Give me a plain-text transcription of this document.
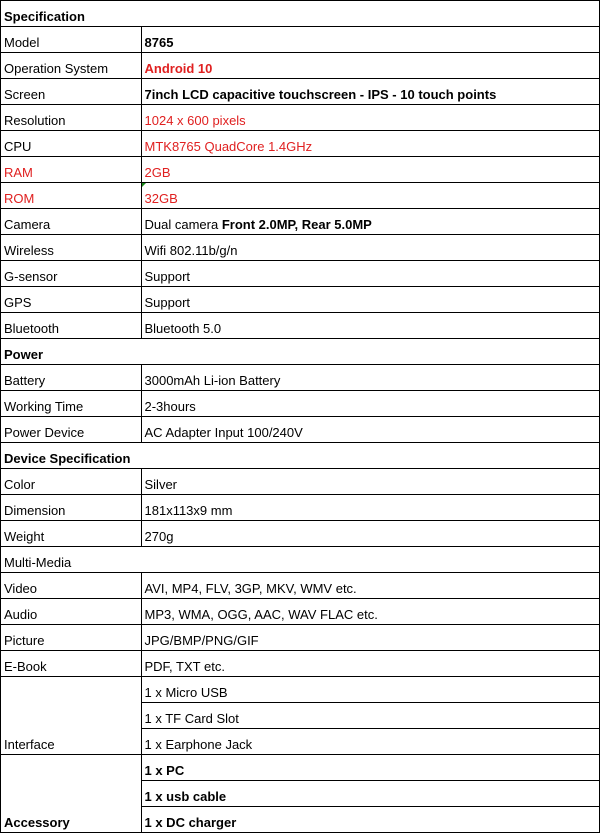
Specification	
Model	8765
Operation System	Android 10
Screen	7inch LCD capacitive touchscreen - IPS - 10 touch points
Resolution	1024 x 600 pixels
CPU	MTK8765 QuadCore 1.4GHz
RAM	2GB
ROM	32GB
Camera	Dual camera Front 2.0MP, Rear 5.0MP
Wireless	Wifi 802.11b/g/n
G-sensor	Support
GPS	Support
Bluetooth	Bluetooth 5.0
Power	
Battery	3000mAh Li-ion Battery
Working Time	2-3hours
Power Device	AC Adapter Input 100/240V
Device Specification	
Color	Silver
Dimension	181x113x9 mm
Weight	270g
Multi-Media	
Video	AVI, MP4, FLV, 3GP, MKV, WMV etc.
Audio	MP3, WMA, OGG, AAC, WAV FLAC etc.
Picture	JPG/BMP/PNG/GIF
E-Book	PDF, TXT etc.
Interface	1 x Micro USB
	1 x TF Card Slot
	1 x Earphone Jack
Accessory	1 x PC
	1 x usb cable
	1 x DC charger
